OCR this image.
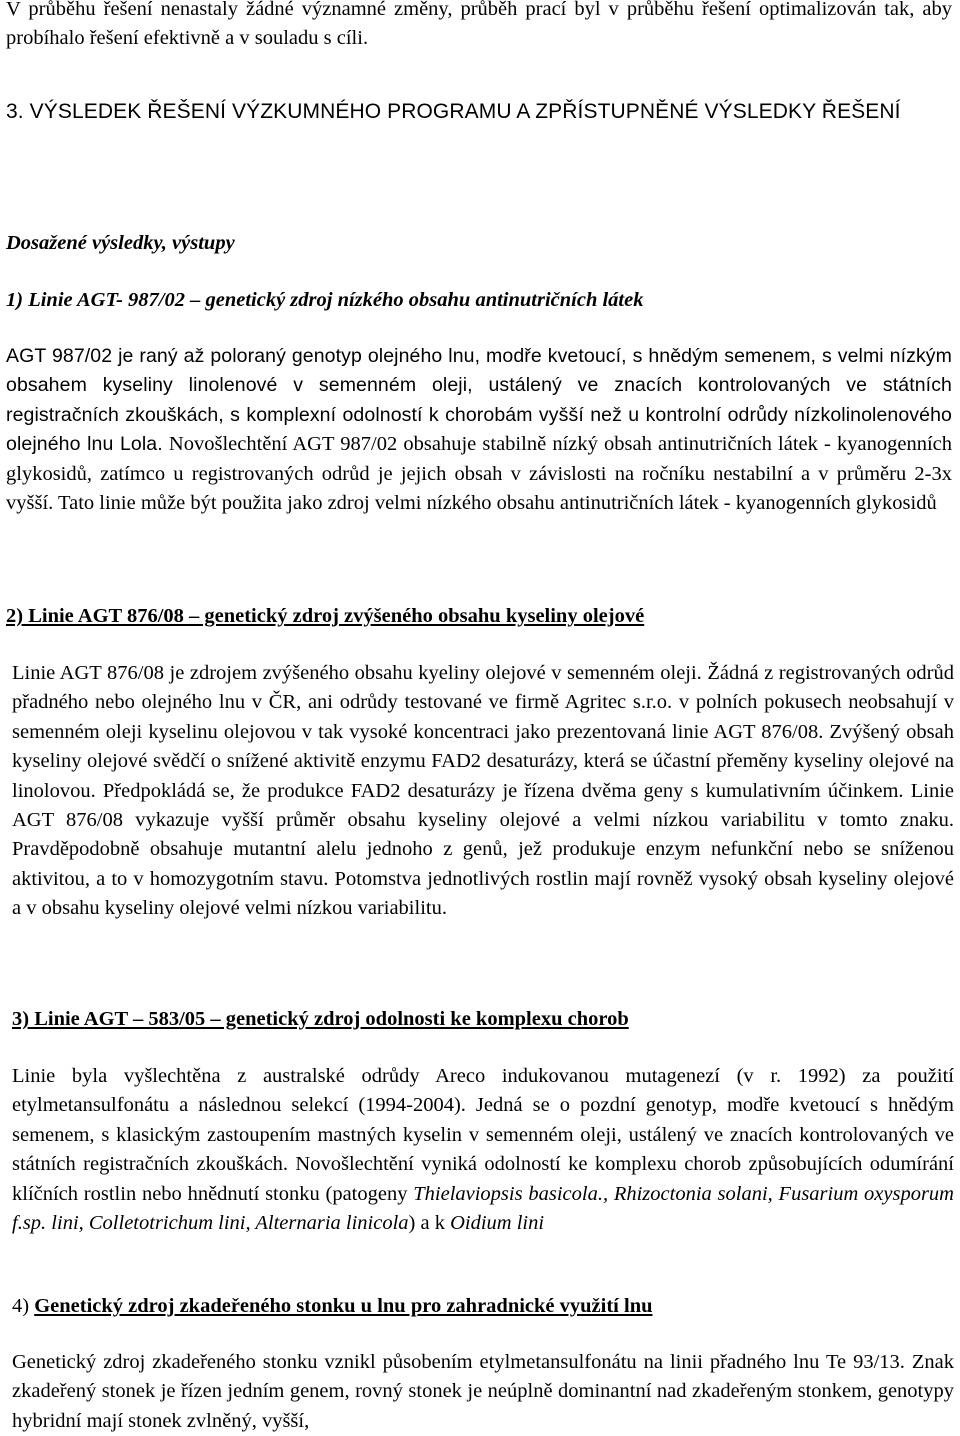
V průběhu řešení nenastaly žádné významné změny, průběh prací byl v průběhu řešení optimalizován tak, aby probíhalo řešení efektivně a v souladu s cíli.

3. VÝSLEDEK ŘEŠENÍ VÝZKUMNÉHO PROGRAMU A ZPŘÍSTUPNĚNÉ VÝSLEDKY ŘEŠENÍ
Dosažené výsledky, výstupy
1) Linie AGT- 987/02 – genetický zdroj nízkého obsahu antinutričních látek

AGT 987/02 je raný až poloraný genotyp olejného lnu, modře kvetoucí, s hnědým semenem, s velmi nízkým obsahem kyseliny linolenové v semenném oleji, ustálený ve znacích kontrolovaných ve státních registračních zkouškách, s komplexní odolností k chorobám vyšší než u kontrolní odrůdy nízkolinolenového olejného lnu Lola. Novošlechtění AGT 987/02 obsahuje stabilně nízký obsah antinutričních látek - kyanogenních glykosidů, zatímco u registrovaných odrůd je jejich obsah v závislosti na ročníku nestabilní a v průměru 2-3x vyšší. Tato linie může být použita jako zdroj velmi nízkého obsahu antinutričních látek - kyanogenních glykosidů

2) Linie AGT 876/08 – genetický zdroj zvýšeného obsahu kyseliny olejové

Linie AGT 876/08 je zdrojem zvýšeného obsahu kyeliny olejové v semenném oleji. Žádná z registrovaných odrůd přadného nebo olejného lnu v ČR, ani odrůdy testované ve firmě Agritec s.r.o. v polních pokusech neobsahují v semenném oleji kyselinu olejovou v tak vysoké koncentraci jako prezentovaná linie AGT 876/08. Zvýšený obsah kyseliny olejové svědčí o snížené aktivitě enzymu FAD2 desaturázy, která se účastní přeměny kyseliny olejové na linolovou. Předpokládá se, že produkce FAD2 desaturázy je řízena dvěma geny s kumulativním účinkem. Linie AGT 876/08 vykazuje vyšší průměr obsahu kyseliny olejové a velmi nízkou variabilitu v tomto znaku. Pravděpodobně obsahuje mutantní alelu jednoho z genů, jež produkuje enzym nefunkční nebo se sníženou aktivitou, a to v homozygotním stavu. Potomstva jednotlivých rostlin mají rovněž vysoký obsah kyseliny olejové a v obsahu kyseliny olejové velmi nízkou variabilitu.

3) Linie AGT – 583/05 – genetický zdroj odolnosti ke komplexu chorob

Linie byla vyšlechtěna z australské odrůdy Areco indukovanou mutagenezí (v r. 1992) za použití etylmetansulfonátu a následnou selekcí (1994-2004). Jedná se o pozdní genotyp, modře kvetoucí s hnědým semenem, s klasickým zastoupením mastných kyselin v semenném oleji, ustálený ve znacích kontrolovaných ve státních registračních zkouškách. Novošlechtění vyniká odolností ke komplexu chorob způsobujících odumírání klíčních rostlin nebo hnědnutí stonku (patogeny Thielaviopsis basicola., Rhizoctonia solani, Fusarium oxysporum f.sp. lini, Colletotrichum lini, Alternaria linicola) a k Oidium lini

4) Genetický zdroj zkadeřeného stonku u lnu pro zahradnické využití lnu

Genetický zdroj zkadeřeného stonku vznikl působením etylmetansulfonátu na linii přadného lnu Te 93/13. Znak zkadeřený stonek je řízen jedním genem, rovný stonek je neúplně dominantní nad zkadeřeným stonkem, genotypy hybridní mají stonek zvlněný, vyšší,
